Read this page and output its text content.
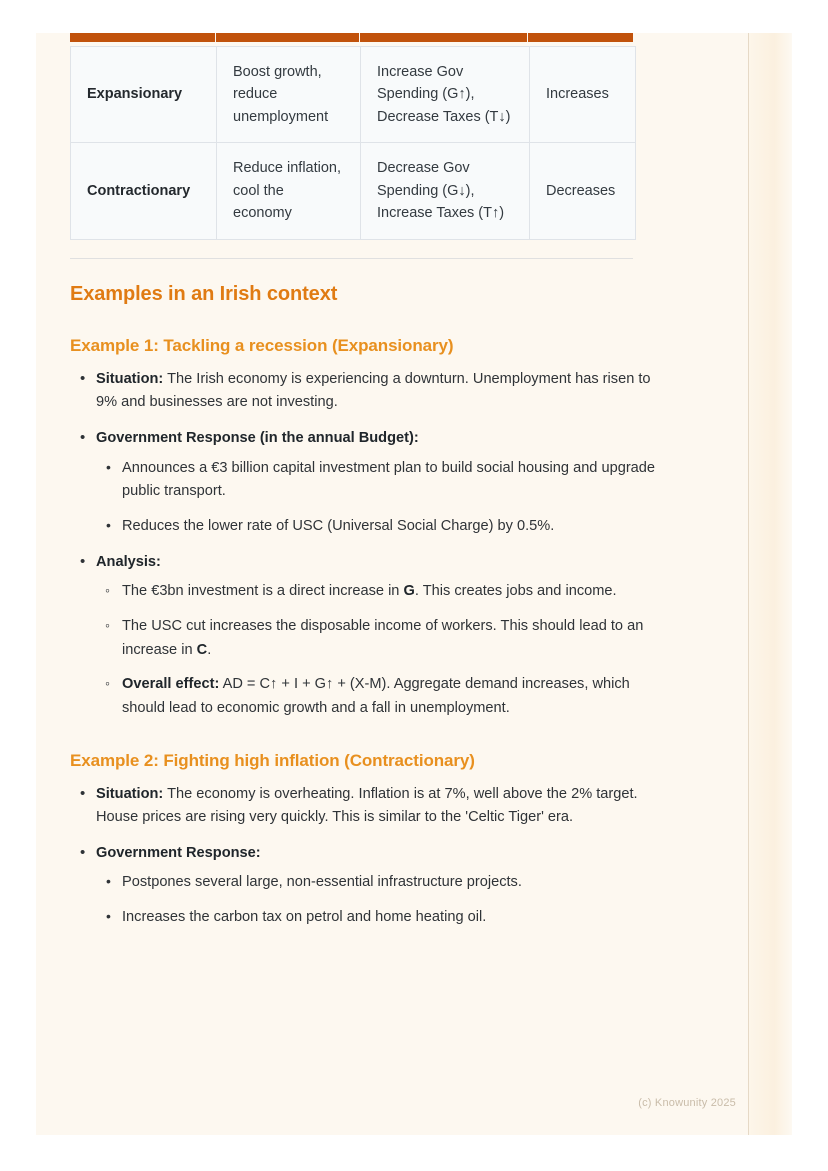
Expansionary	Boost growth, reduce unemployment	Increase Gov Spending (G↑), Decrease Taxes (T↓)	Increases
Contractionary	Reduce inflation, cool the economy	Decrease Gov Spending (G↓), Increase Taxes (T↑)	Decreases
Examples in an Irish context
Example 1: Tackling a recession (Expansionary)
• Situation: The Irish economy is experiencing a downturn. Unemployment has risen to 9% and businesses are not investing.
• Government Response (in the annual Budget):
• Announces a €3 billion capital investment plan to build social housing and upgrade public transport.
• Reduces the lower rate of USC (Universal Social Charge) by 0.5%.
• Analysis:
◦ The €3bn investment is a direct increase in G. This creates jobs and income.
◦ The USC cut increases the disposable income of workers. This should lead to an increase in C.
◦ Overall effect: AD = C↑ + I + G↑ + (X-M). Aggregate demand increases, which should lead to economic growth and a fall in unemployment.
Example 2: Fighting high inflation (Contractionary)
• Situation: The economy is overheating. Inflation is at 7%, well above the 2% target. House prices are rising very quickly. This is similar to the 'Celtic Tiger' era.
• Government Response:
• Postpones several large, non-essential infrastructure projects.
• Increases the carbon tax on petrol and home heating oil.
(c) Knowunity 2025
